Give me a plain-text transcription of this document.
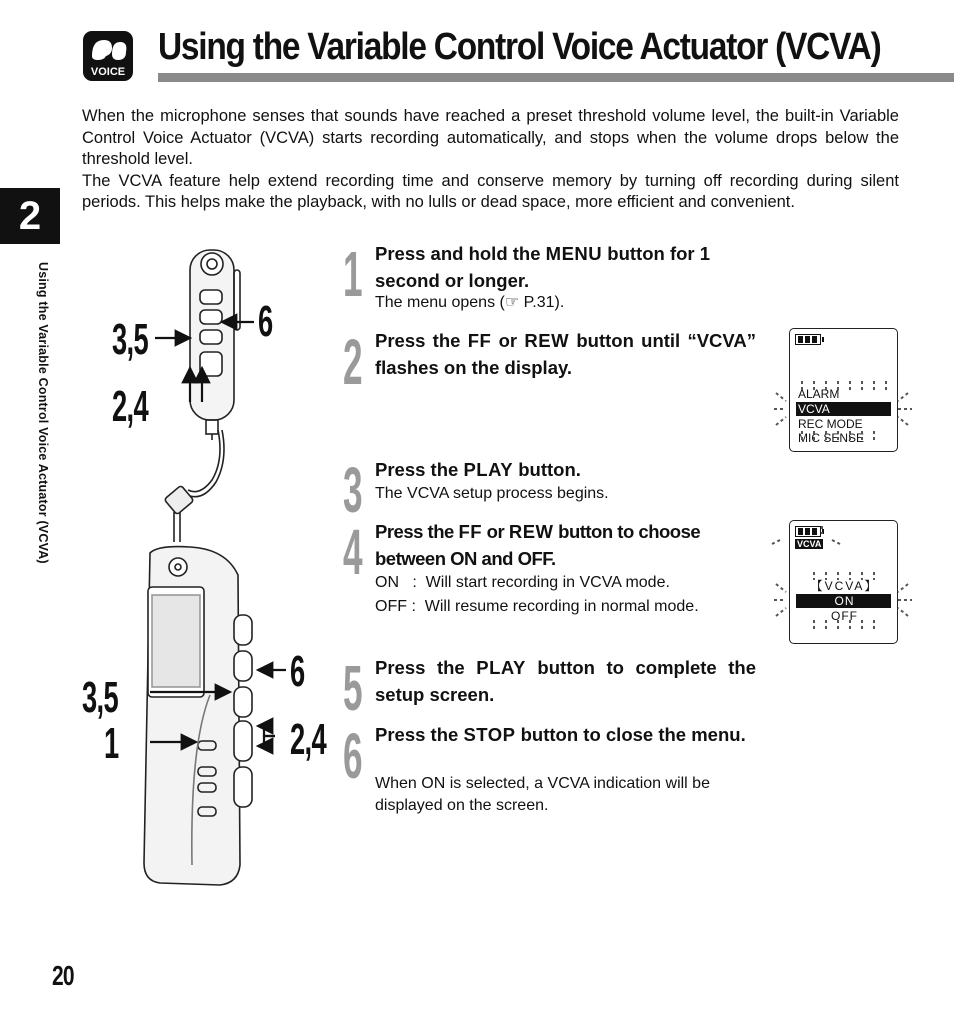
VOICE
Using the Variable Control Voice Actuator (VCVA)

When the microphone senses that sounds have reached a preset threshold volume level, the built-in Variable Control Voice Actuator (VCVA) starts recording automatically, and stops when the volume drops below the threshold level.

The VCVA feature help extend recording time and conserve memory by turning off recording during silent periods. This helps make the playback, with no lulls or dead space, more efficient and convenient.

2
Using the Variable Control Voice Actuator (VCVA)	1 Press and hold the MENU button for 1 second or longer.

The menu opens (☞ P.31).

2 Press the FF or REW button until “VCVA” flashes on the display.

ALARM
VCVA
REC MODE
MIC SENSE
3 Press the PLAY button.

The VCVA setup process begins.

4 Press the FF or REW button to choose between ON and OFF.

ON   :  Will start recording in VCVA mode.

OFF :  Will resume recording in normal mode.

VCVA
【VCVA】
ON
OFF
5 Press the PLAY button to complete the setup screen.

6 Press the STOP button to close the menu.

When ON is selected, a VCVA indication will be displayed on the screen.

3,5
2,4
6
6
3,5
1	2,4
20
